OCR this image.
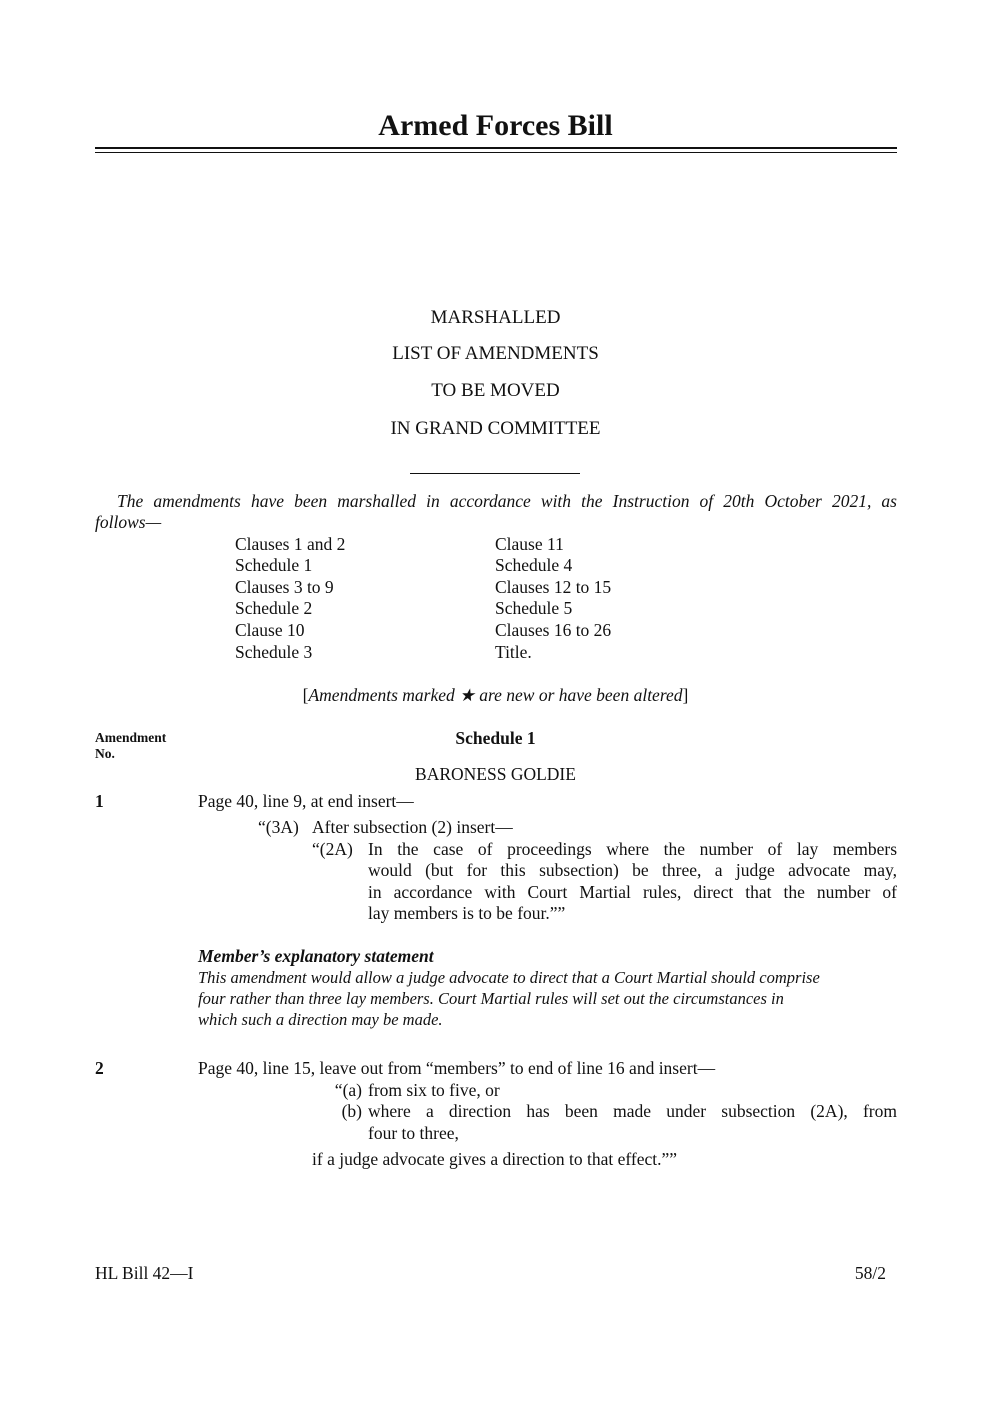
Armed Forces Bill
MARSHALLED
LIST OF AMENDMENTS
TO BE MOVED
IN GRAND COMMITTEE
The amendments have been marshalled in accordance with the Instruction of 20th October 2021, as
follows—
Clauses 1 and 2
Schedule 1
Clauses 3 to 9
Schedule 2
Clause 10
Schedule 3
Clause 11
Schedule 4
Clauses 12 to 15
Schedule 5
Clauses 16 to 26
Title.
[Amendments marked ★ are new or have been altered]
Amendment
No.
Schedule 1
BARONESS GOLDIE
1	Page 40, line 9, at end insert—
“(3A) After subsection (2) insert—
“(2A) In the case of proceedings where the number of lay members
would (but for this subsection) be three, a judge advocate may,
in accordance with Court Martial rules, direct that the number of
lay members is to be four.””
Member’s explanatory statement
This amendment would allow a judge advocate to direct that a Court Martial should comprise
four rather than three lay members. Court Martial rules will set out the circumstances in
which such a direction may be made.
2	Page 40, line 15, leave out from “members” to end of line 16 and insert—
“(a) from six to five, or
(b) where a direction has been made under subsection (2A), from
four to three,
if a judge advocate gives a direction to that effect.””
HL Bill 42—I	58/2
